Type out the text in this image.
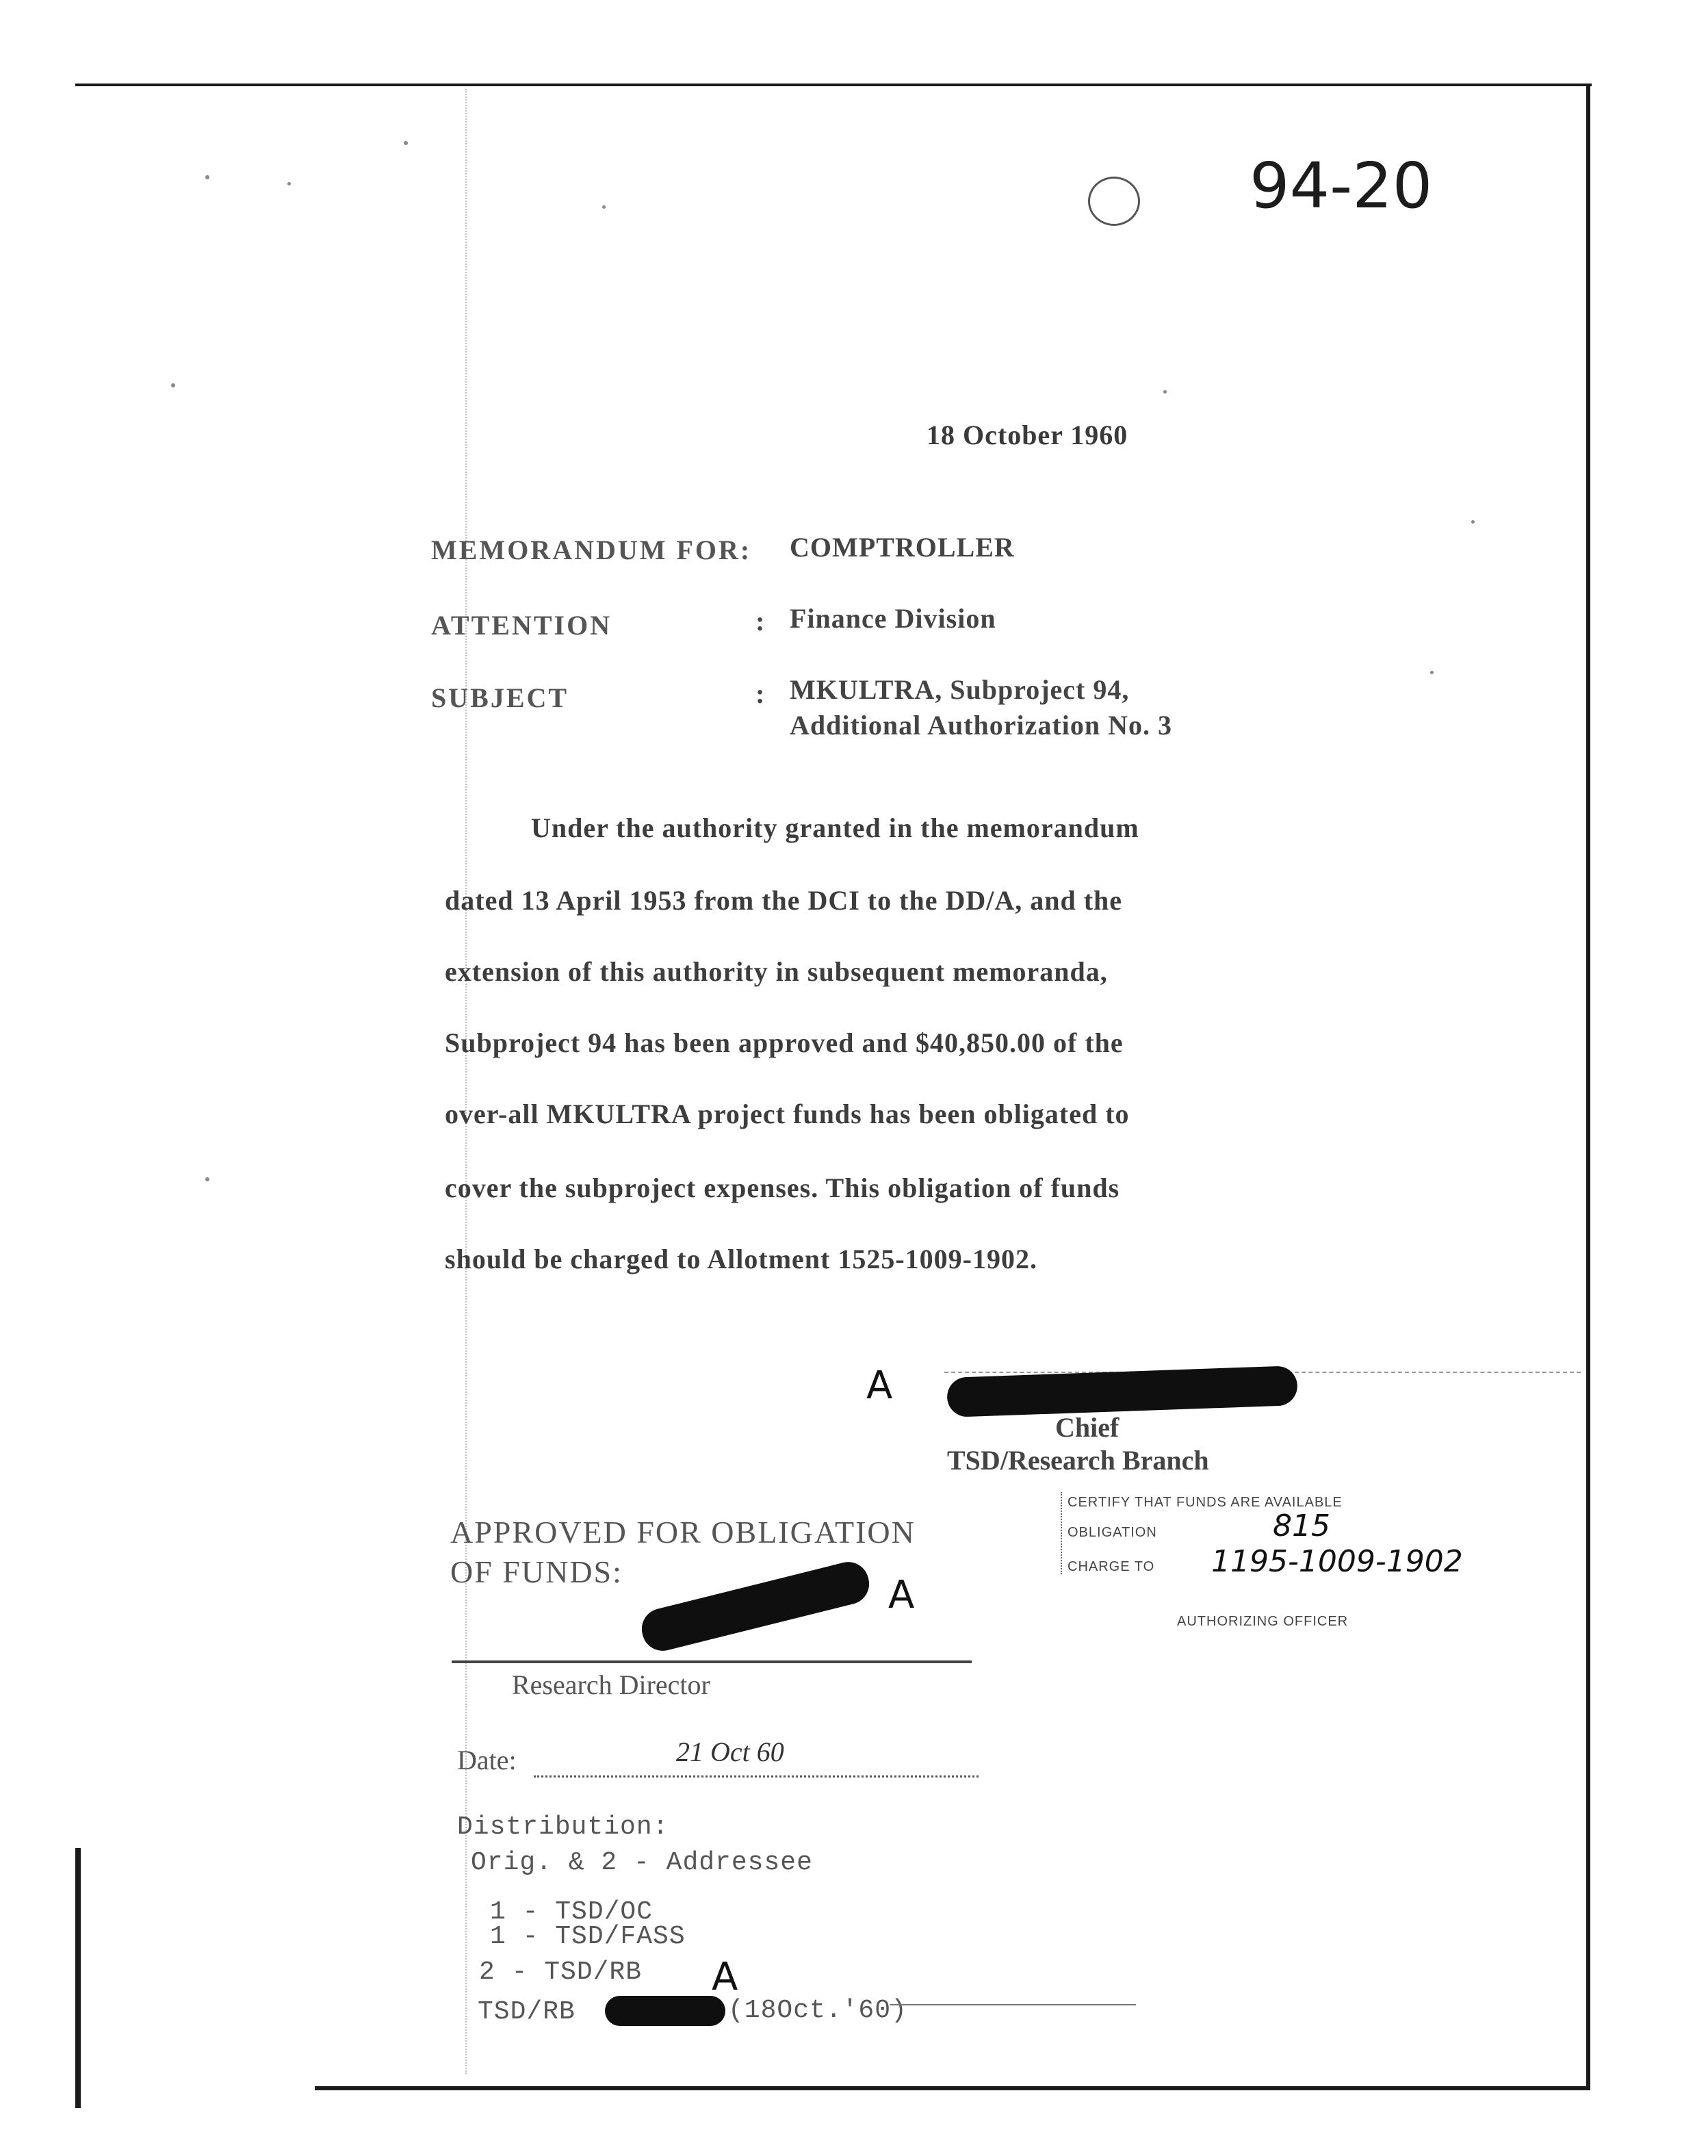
94-20
18 October 1960
MEMORANDUM FOR: COMPTROLLER
ATTENTION	: Finance Division
SUBJECT	: MKULTRA, Subproject 94,
Additional Authorization No. 3
Under the authority granted in the memorandum
dated 13 April 1953 from the DCI to the DD/A, and the
extension of this authority in subsequent memoranda,
Subproject 94 has been approved and $40,850.00 of the
over-all MKULTRA project funds has been obligated to
cover the subproject expenses. This obligation of funds
should be charged to Allotment 1525-1009-1902.
A
Chief
TSD/Research Branch
CERTIFY THAT FUNDS ARE AVAILABLE
OBLIGATION	815
CHARGE TO 1195-1009-1902
AUTHORIZING OFFICER
APPROVED FOR OBLIGATION
OF FUNDS:
A
Research Director
Date:	21 Oct 60
Distribution:
Orig. & 2 - Addressee
1 - TSD/OC
1 - TSD/FASS
2 - TSD/RB A
TSD/RB	(18Oct.'60)
